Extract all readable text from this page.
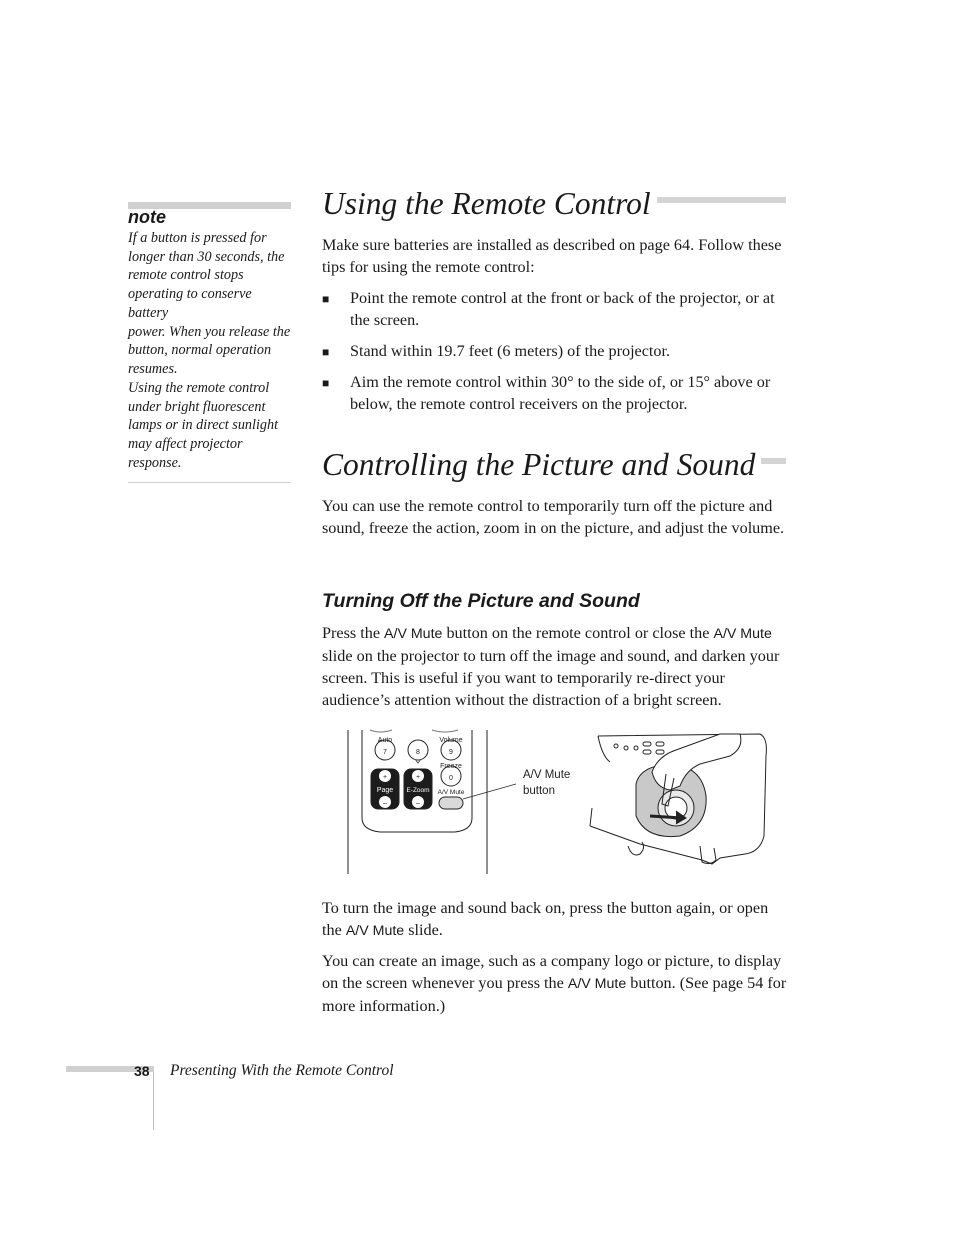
note
If a button is pressed for
longer than 30 seconds, the
remote control stops
operating to conserve battery
power. When you release the
button, normal operation
resumes.
Using the remote control
under bright fluorescent
lamps or in direct sunlight
may affect projector
response.
Using the Remote Control
Make sure batteries are installed as described on page 64. Follow these tips for using the remote control:
■ Point the remote control at the front or back of the projector, or at the screen.
■ Stand within 19.7 feet (6 meters) of the projector.
■ Aim the remote control within 30° to the side of, or 15° above or below, the remote control receivers on the projector.
Controlling the Picture and Sound
You can use the remote control to temporarily turn off the picture and sound, freeze the action, zoom in on the picture, and adjust the volume.
Turning Off the Picture and Sound
Press the A/V Mute button on the remote control or close the A/V Mute slide on the projector to turn off the image and sound, and darken your screen. This is useful if you want to temporarily re-direct your audience’s attention without the distraction of a bright screen.
Auto	Volume
7	8	9
Freeze
0
+	+
Page E-Zoom A/V Mute
–	–
A/V Mute
button
To turn the image and sound back on, press the button again, or open the A/V Mute slide.
You can create an image, such as a company logo or picture, to display on the screen whenever you press the A/V Mute button. (See page 54 for more information.)
38 Presenting With the Remote Control
